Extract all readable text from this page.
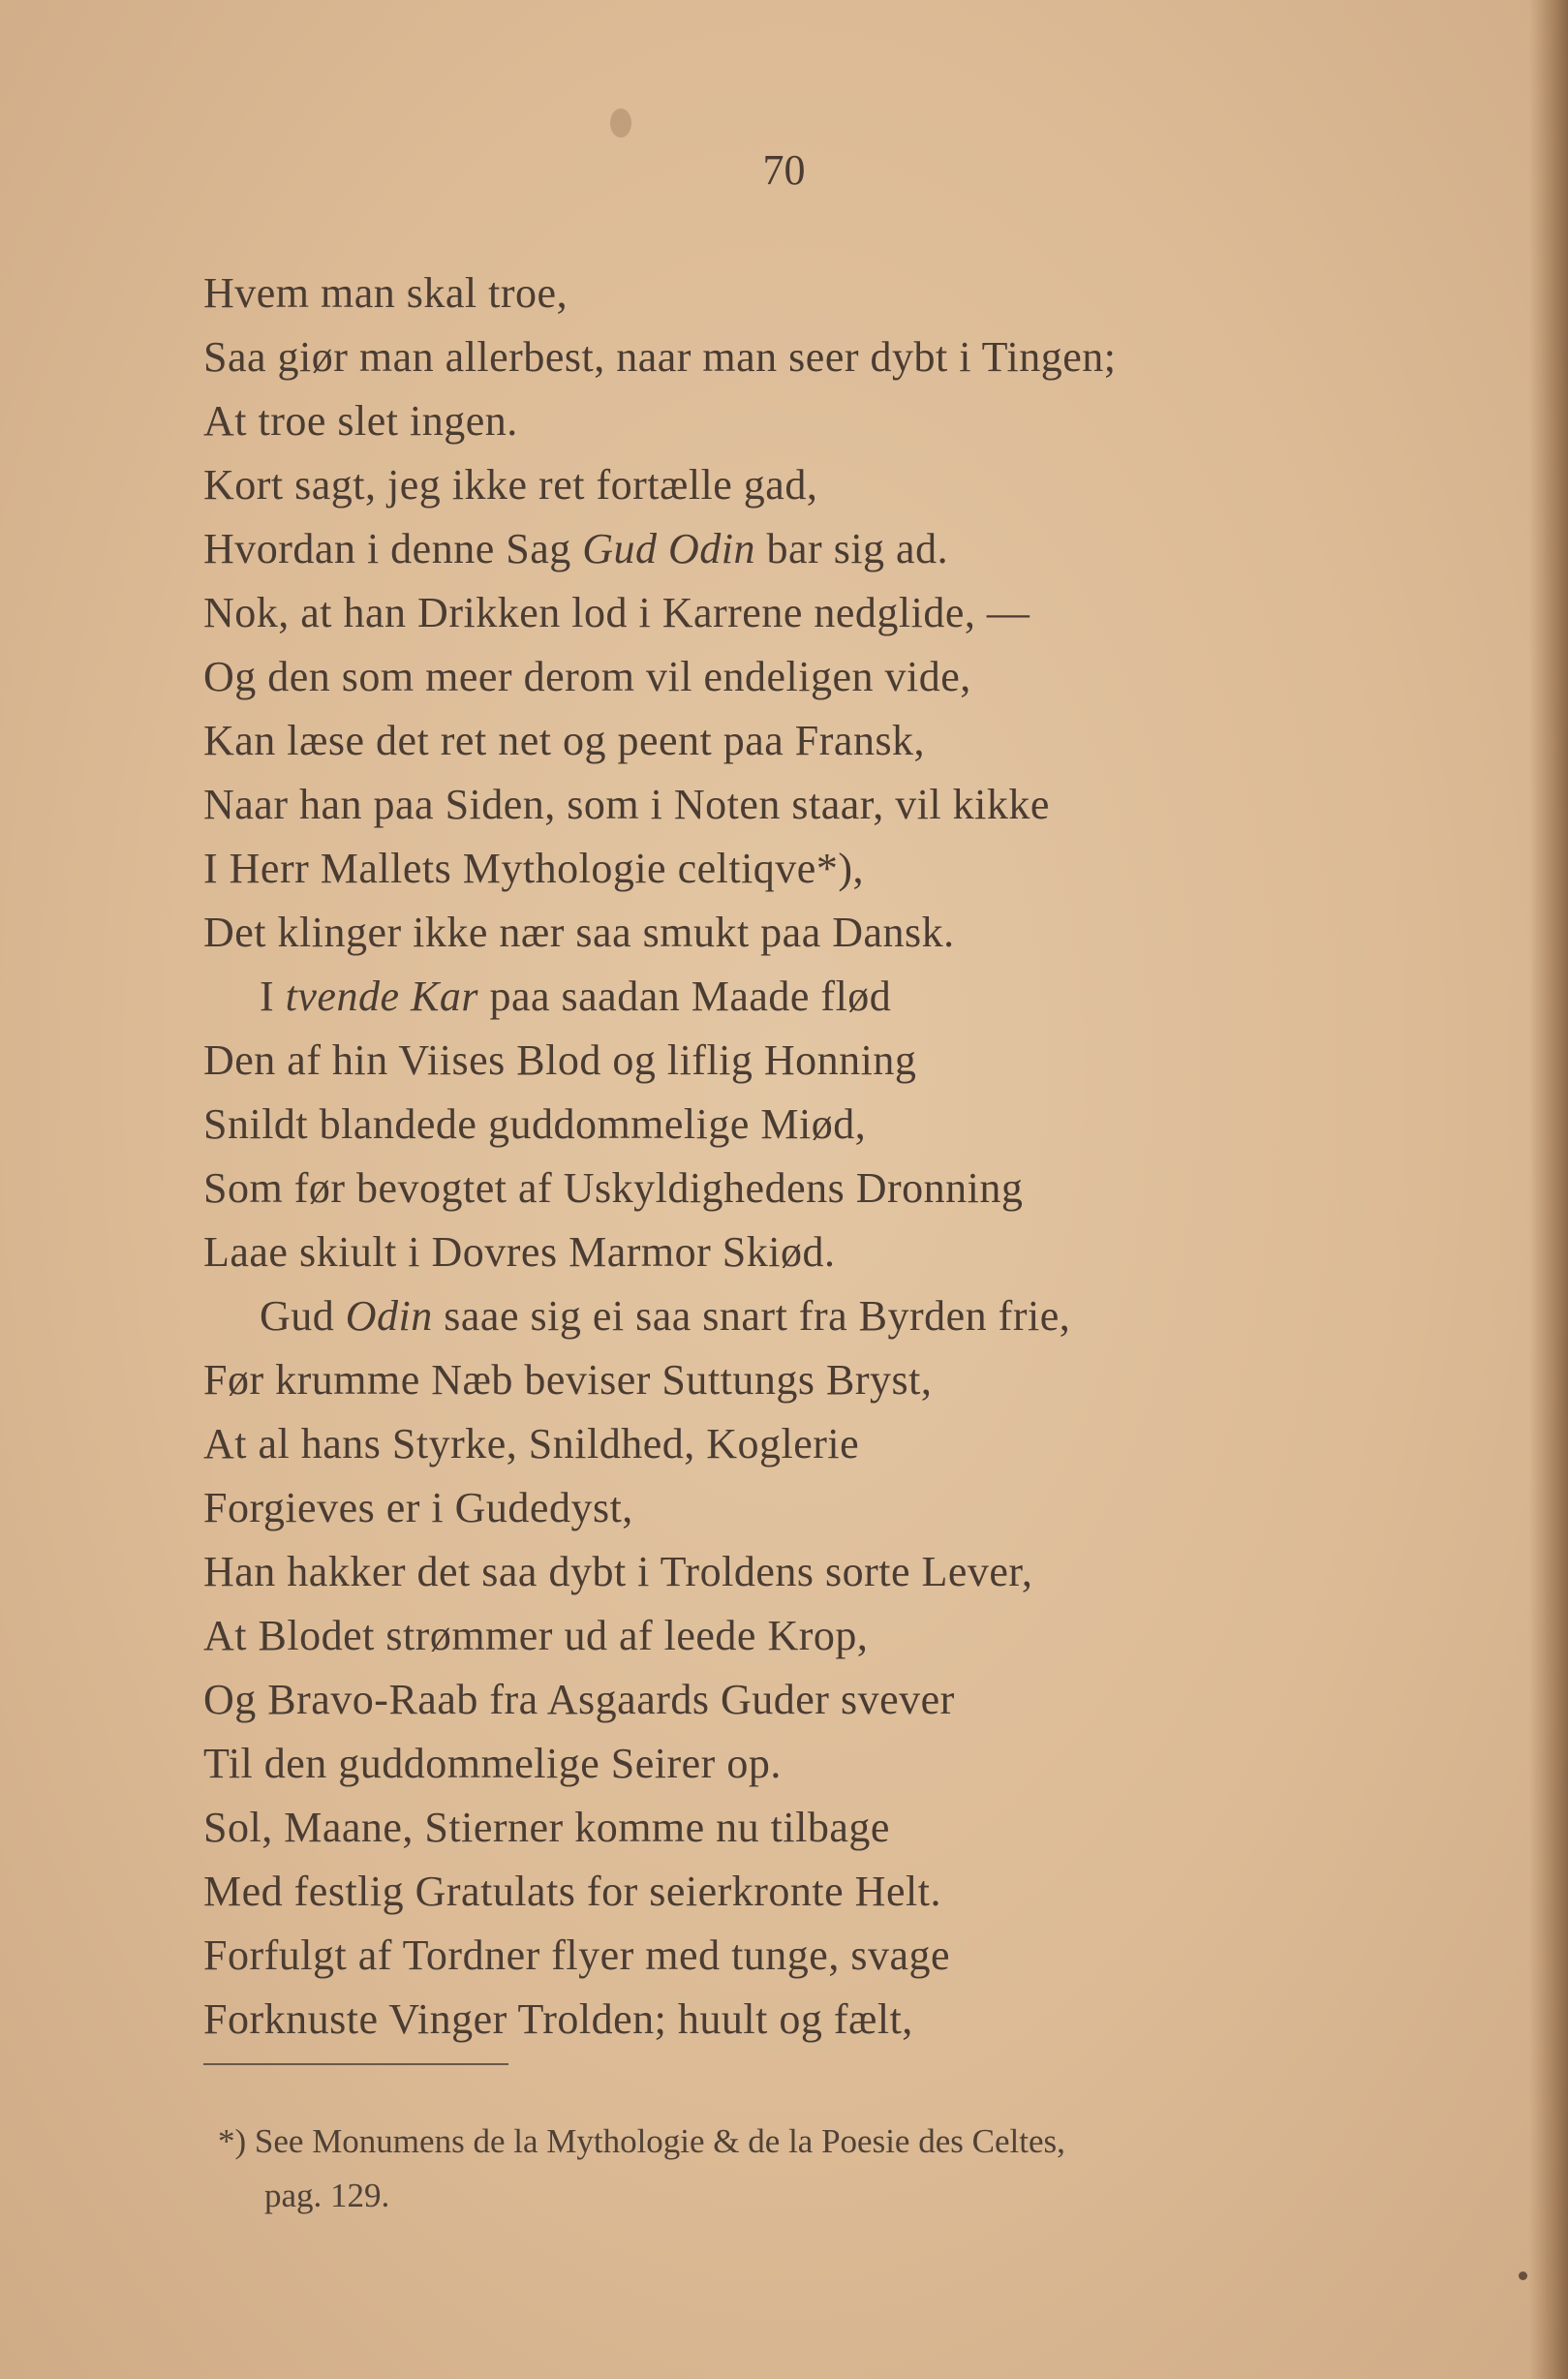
70
Hvem man skal troe,
Saa giør man allerbest, naar man seer dybt i Tingen;
At troe slet ingen.
Kort sagt, jeg ikke ret fortælle gad,
Hvordan i denne Sag Gud Odin bar sig ad.
Nok, at han Drikken lod i Karrene nedglide, —
Og den som meer derom vil endeligen vide,
Kan læse det ret net og peent paa Fransk,
Naar han paa Siden, som i Noten staar, vil kikke
I Herr Mallets Mythologie celtiqve*),
Det klinger ikke nær saa smukt paa Dansk.
I tvende Kar paa saadan Maade flød
Den af hin Viises Blod og liflig Honning
Snildt blandede guddommelige Miød,
Som før bevogtet af Uskyldighedens Dronning
Laae skiult i Dovres Marmor Skiød.
Gud Odin saae sig ei saa snart fra Byrden frie,
Før krumme Næb beviser Suttungs Bryst,
At al hans Styrke, Snildhed, Koglerie
Forgieves er i Gudedyst,
Han hakker det saa dybt i Troldens sorte Lever,
At Blodet strømmer ud af leede Krop,
Og Bravo-Raab fra Asgaards Guder svever
Til den guddommelige Seirer op.
Sol, Maane, Stierner komme nu tilbage
Med festlig Gratulats for seierkronte Helt.
Forfulgt af Tordner flyer med tunge, svage
Forknuste Vinger Trolden; huult og fælt,
*) See Monumens de la Mythologie & de la Poesie des Celtes,
pag. 129.
